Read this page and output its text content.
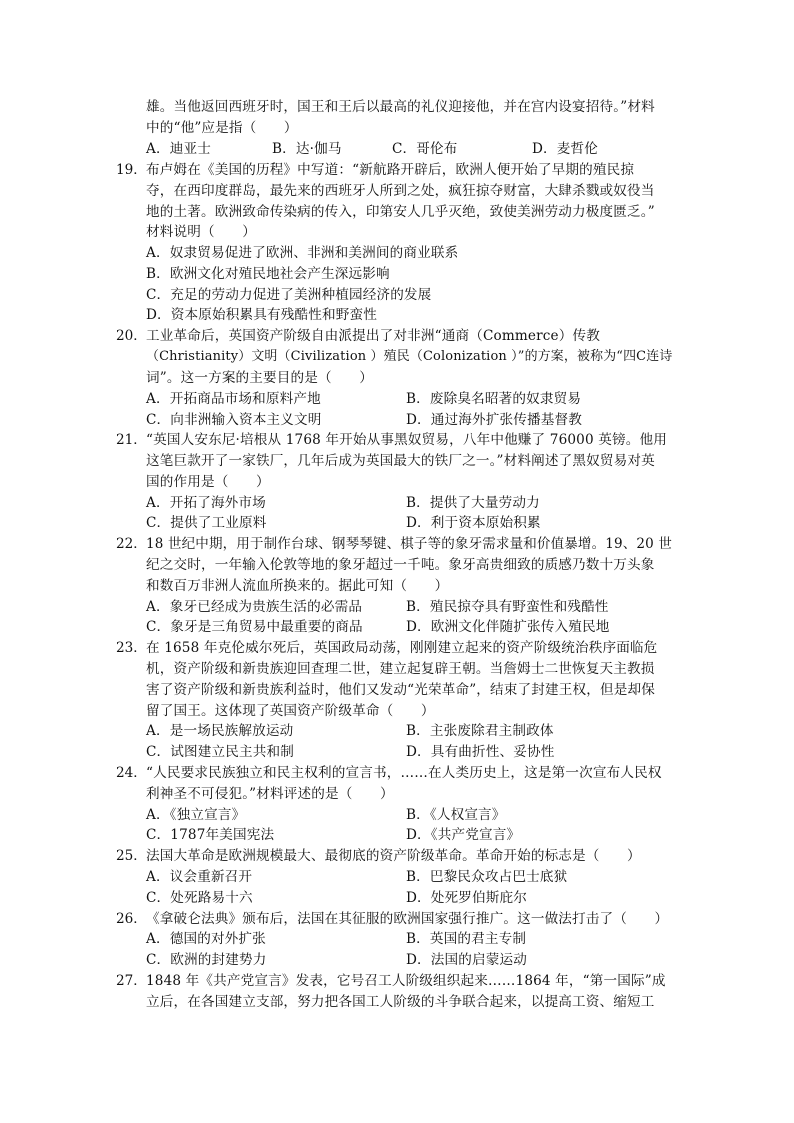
雄。当他返回西班牙时，国王和王后以最高的礼仪迎接他，并在宫内设宴招待。”材料
中的“他”应是指（　　）
A．迪亚士	B．达·伽马	C．哥伦布	D．麦哲伦
19． 布卢姆在《美国的历程》中写道：“新航路开辟后，欧洲人便开始了早期的殖民掠
夺，在西印度群岛，最先来的西班牙人所到之处，疯狂掠夺财富，大肆杀戮或奴役当
地的土著。欧洲致命传染病的传入，印第安人几乎灭绝，致使美洲劳动力极度匮乏。”
材料说明（　　）
A．奴隶贸易促进了欧洲、非洲和美洲间的商业联系
B．欧洲文化对殖民地社会产生深远影响
C．充足的劳动力促进了美洲种植园经济的发展
D．资本原始积累具有残酷性和野蛮性
20． 工业革命后，英国资产阶级自由派提出了对非洲“通商（Commerce）传教
（Christianity）文明（Civilization ）殖民（Colonization ）”的方案，被称为“四C连诗
词”。这一方案的主要目的是（　　）
A．开拓商品市场和原料产地	B．废除臭名昭著的奴隶贸易
C．向非洲输入资本主义文明	D．通过海外扩张传播基督教
21． “英国人安东尼·培根从 1768 年开始从事黑奴贸易，八年中他赚了 76000 英镑。他用
这笔巨款开了一家铁厂，几年后成为英国最大的铁厂之一。”材料阐述了黑奴贸易对英
国的作用是（　　）
A．开拓了海外市场	B．提供了大量劳动力
C．提供了工业原料	D．利于资本原始积累
22． 18 世纪中期，用于制作台球、钢琴琴键、棋子等的象牙需求量和价值暴增。19、20 世
纪之交时，一年输入伦敦等地的象牙超过一千吨。象牙高贵细致的质感乃数十万头象
和数百万非洲人流血所换来的。据此可知（　　）
A．象牙已经成为贵族生活的必需品	B．殖民掠夺具有野蛮性和残酷性
C．象牙是三角贸易中最重要的商品	D．欧洲文化伴随扩张传入殖民地
23． 在 1658 年克伦威尔死后，英国政局动荡，刚刚建立起来的资产阶级统治秩序面临危
机，资产阶级和新贵族迎回查理二世，建立起复辟王朝。当詹姆士二世恢复天主教损
害了资产阶级和新贵族利益时，他们又发动“光荣革命”，结束了封建王权，但是却保
留了国王。这体现了英国资产阶级革命（　　）
A．是一场民族解放运动	B．主张废除君主制政体
C．试图建立民主共和制	D．具有曲折性、妥协性
24． “人民要求民族独立和民主权利的宣言书，……在人类历史上，这是第一次宣布人民权
利神圣不可侵犯。”材料评述的是（　　）
A．《独立宣言》	B．《人权宣言》
C．1787年美国宪法	D．《共产党宣言》
25． 法国大革命是欧洲规模最大、最彻底的资产阶级革命。革命开始的标志是（　　）
A．议会重新召开	B．巴黎民众攻占巴士底狱
C．处死路易十六	D．处死罗伯斯庇尔
26． 《拿破仑法典》颁布后，法国在其征服的欧洲国家强行推广。这一做法打击了（　　）
A．德国的对外扩张	B．英国的君主专制
C．欧洲的封建势力	D．法国的启蒙运动
27． 1848 年《共产党宣言》发表，它号召工人阶级组织起来……1864 年，“第一国际”成
立后，在各国建立支部，努力把各国工人阶级的斗争联合起来，以提高工资、缩短工
